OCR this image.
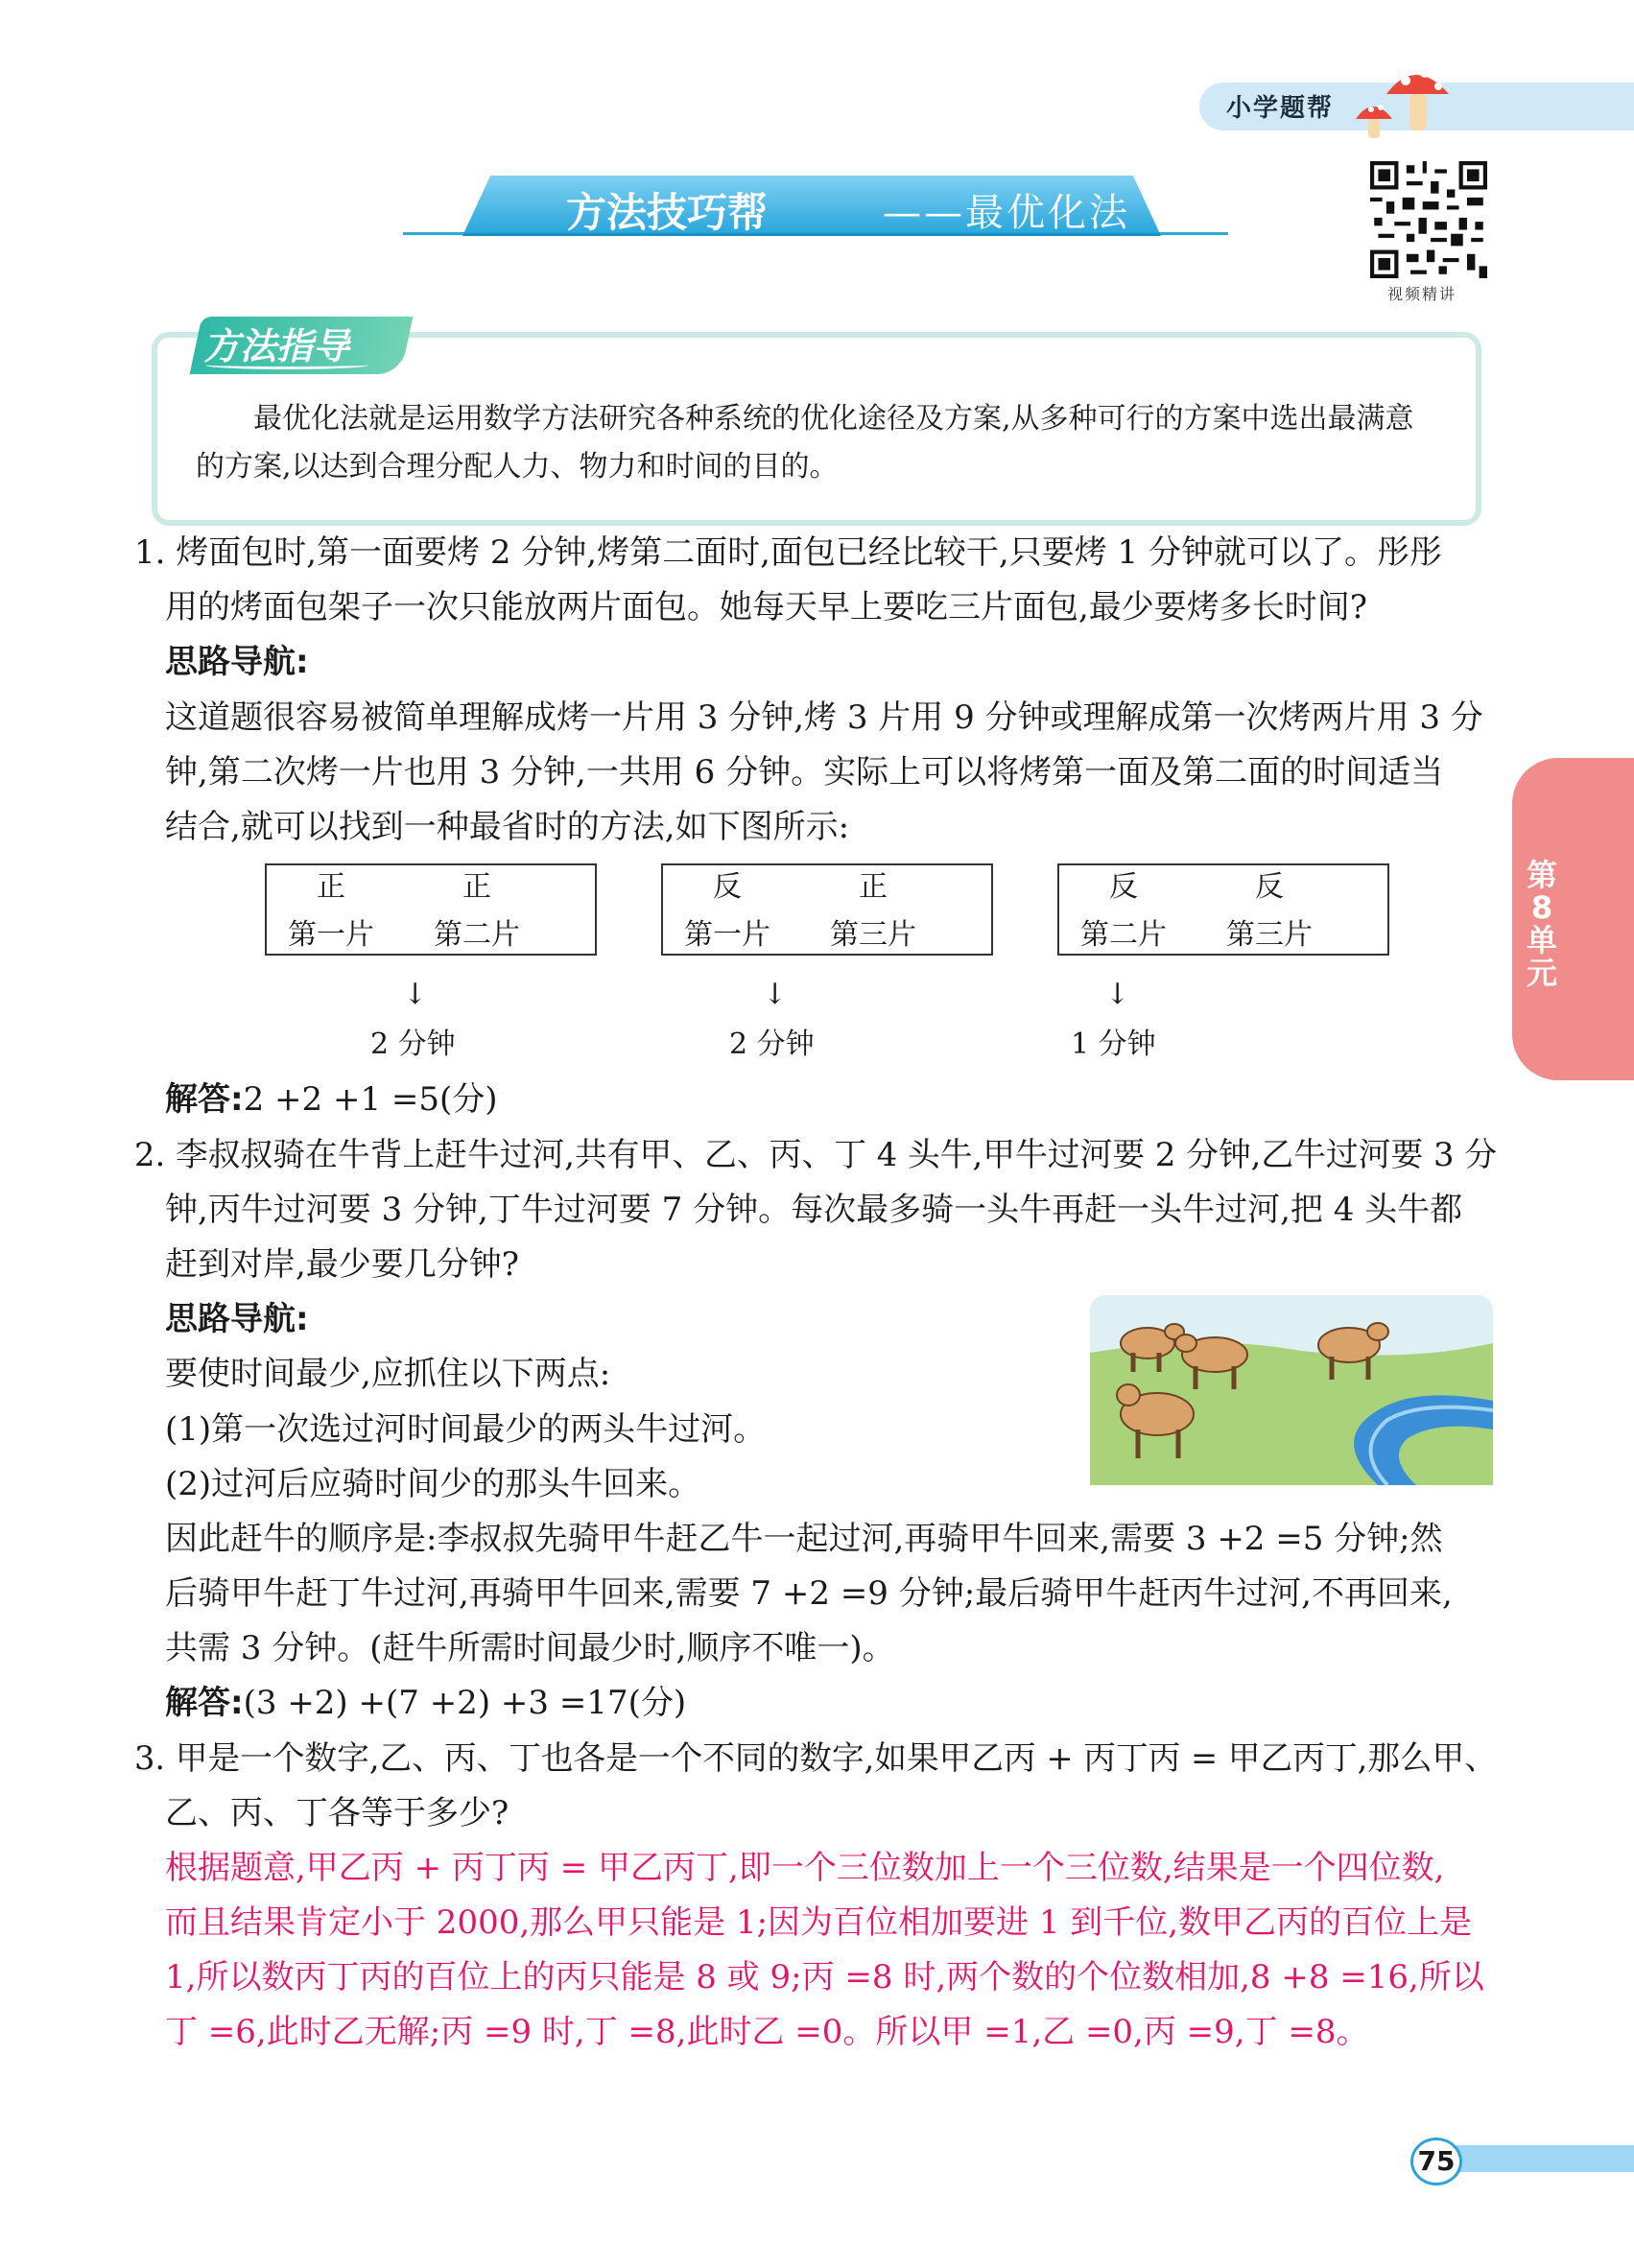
小学题帮
方法技巧帮	——最优化法
视频精讲
方法指导
最优化法就是运用数学方法研究各种系统的优化途径及方案,从多种可行的方案中选出最满意
的方案,以达到合理分配人力、物力和时间的目的。
1. 烤面包时,第一面要烤 2 分钟,烤第二面时,面包已经比较干,只要烤 1 分钟就可以了。彤彤
用的烤面包架子一次只能放两片面包。她每天早上要吃三片面包,最少要烤多长时间?
思路导航:
这道题很容易被简单理解成烤一片用 3 分钟,烤 3 片用 9 分钟或理解成第一次烤两片用 3 分
钟,第二次烤一片也用 3 分钟,一共用 6 分钟。实际上可以将烤第一面及第二面的时间适当
结合,就可以找到一种最省时的方法,如下图所示:
正	正
第一片 第二片
↓
2 分钟
反	正
第一片 第三片
↓
2 分钟
反	反
第二片 第三片
↓
1 分钟
解答:2 +2 +1 =5(分)
2. 李叔叔骑在牛背上赶牛过河,共有甲、乙、丙、丁 4 头牛,甲牛过河要 2 分钟,乙牛过河要 3 分
钟,丙牛过河要 3 分钟,丁牛过河要 7 分钟。每次最多骑一头牛再赶一头牛过河,把 4 头牛都
赶到对岸,最少要几分钟?
思路导航:
要使时间最少,应抓住以下两点:
(1)第一次选过河时间最少的两头牛过河。
(2)过河后应骑时间少的那头牛回来。
因此赶牛的顺序是:李叔叔先骑甲牛赶乙牛一起过河,再骑甲牛回来,需要 3 +2 =5 分钟;然
后骑甲牛赶丁牛过河,再骑甲牛回来,需要 7 +2 =9 分钟;最后骑甲牛赶丙牛过河,不再回来,
共需 3 分钟。(赶牛所需时间最少时,顺序不唯一)。
解答:(3 +2) +(7 +2) +3 =17(分)
3. 甲是一个数字,乙、丙、丁也各是一个不同的数字,如果甲乙丙 + 丙丁丙 = 甲乙丙丁,那么甲、
乙、丙、丁各等于多少?
根据题意,甲乙丙 + 丙丁丙 = 甲乙丙丁,即一个三位数加上一个三位数,结果是一个四位数,
而且结果肯定小于 2000,那么甲只能是 1;因为百位相加要进 1 到千位,数甲乙丙的百位上是
1,所以数丙丁丙的百位上的丙只能是 8 或 9;丙 =8 时,两个数的个位数相加,8 +8 =16,所以
丁 =6,此时乙无解;丙 =9 时,丁 =8,此时乙 =0。所以甲 =1,乙 =0,丙 =9,丁 =8。
第8单元
75
